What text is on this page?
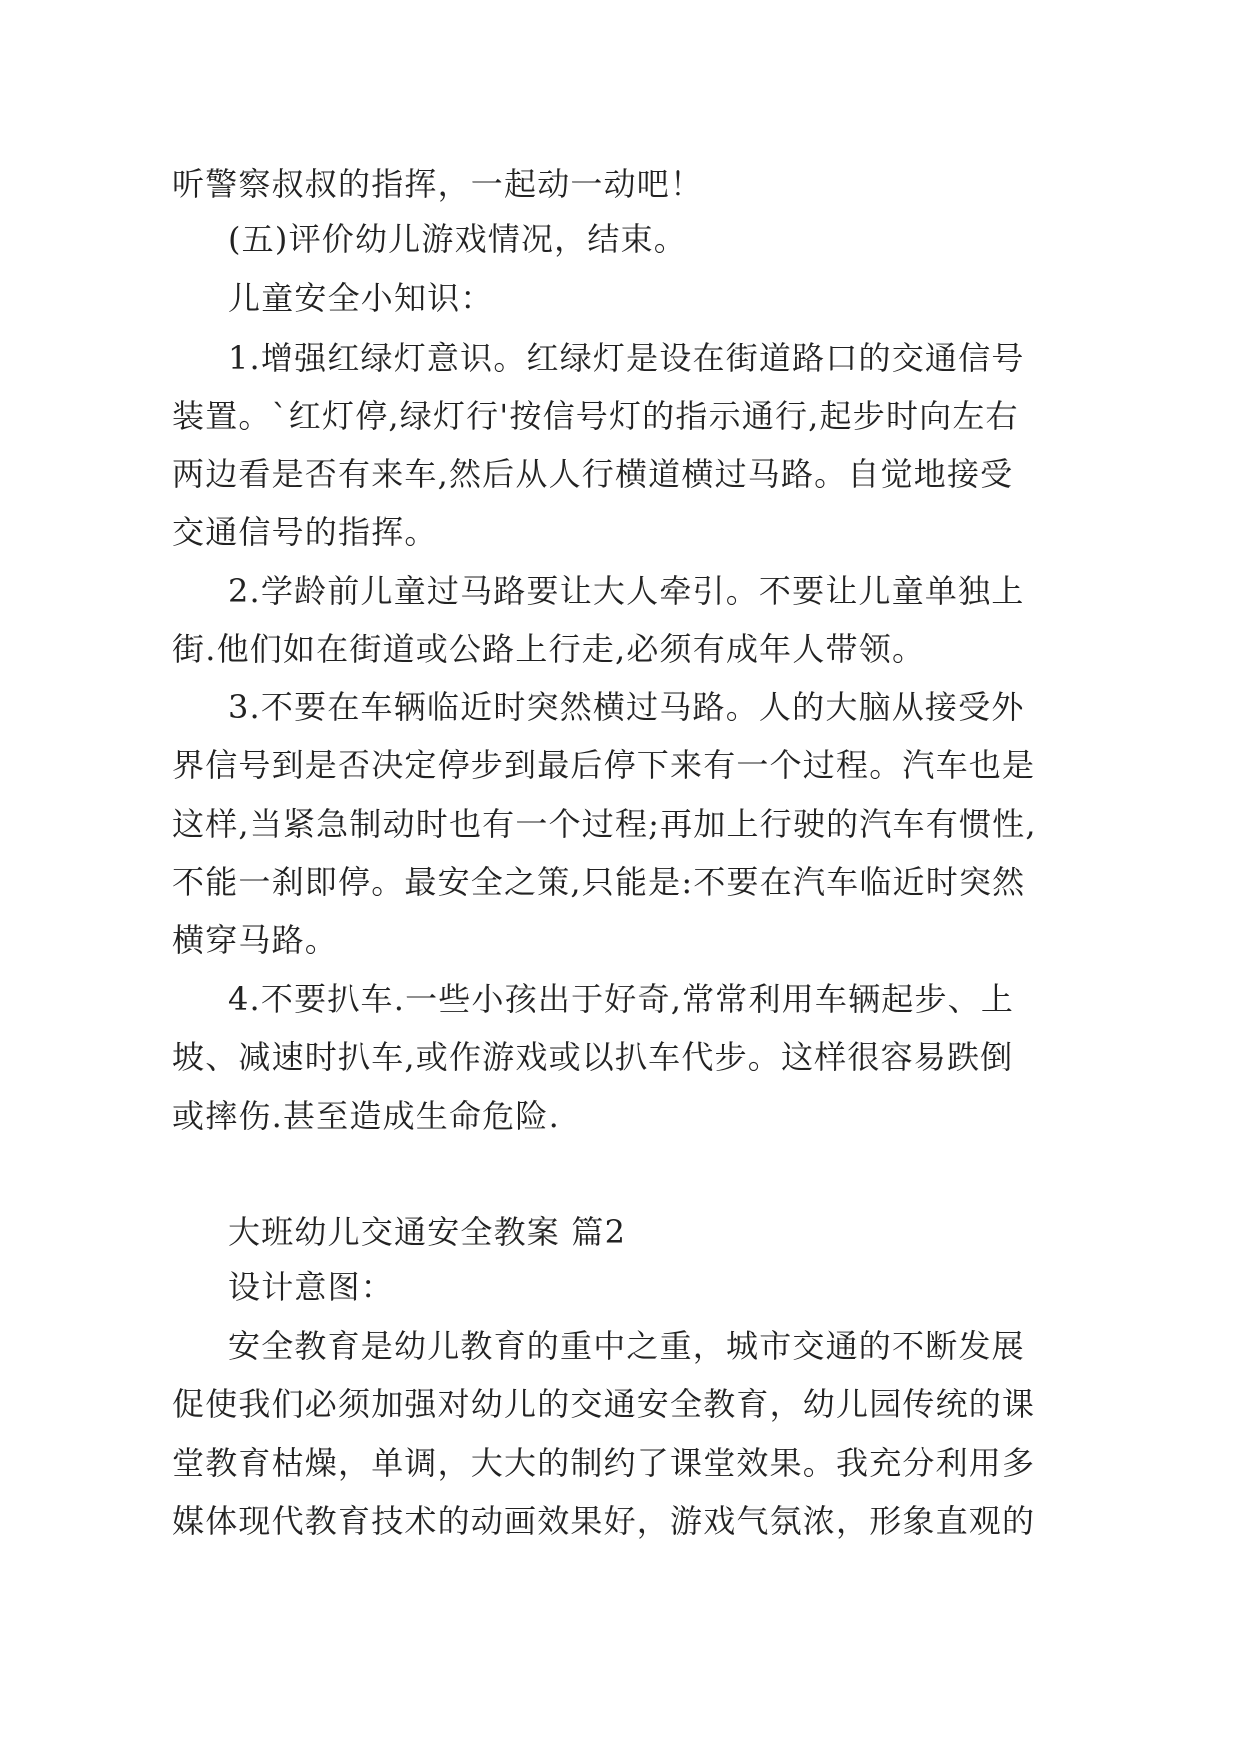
听警察叔叔的指挥，一起动一动吧！

(五)评价幼儿游戏情况，结束。

儿童安全小知识：

1.增强红绿灯意识。红绿灯是设在街道路口的交通信号

装置。`红灯停,绿灯行'按信号灯的指示通行,起步时向左右

两边看是否有来车,然后从人行横道横过马路。自觉地接受

交通信号的指挥。

2.学龄前儿童过马路要让大人牵引。不要让儿童单独上

街.他们如在街道或公路上行走,必须有成年人带领。

3.不要在车辆临近时突然横过马路。人的大脑从接受外

界信号到是否决定停步到最后停下来有一个过程。汽车也是

这样,当紧急制动时也有一个过程;再加上行驶的汽车有惯性,

不能一刹即停。最安全之策,只能是:不要在汽车临近时突然

横穿马路。

4.不要扒车.一些小孩出于好奇,常常利用车辆起步、上

坡、减速时扒车,或作游戏或以扒车代步。这样很容易跌倒

或摔伤.甚至造成生命危险.

大班幼儿交通安全教案 篇2

设计意图：

安全教育是幼儿教育的重中之重，城市交通的不断发展

促使我们必须加强对幼儿的交通安全教育，幼儿园传统的课

堂教育枯燥，单调，大大的制约了课堂效果。我充分利用多

媒体现代教育技术的动画效果好，游戏气氛浓，形象直观的
